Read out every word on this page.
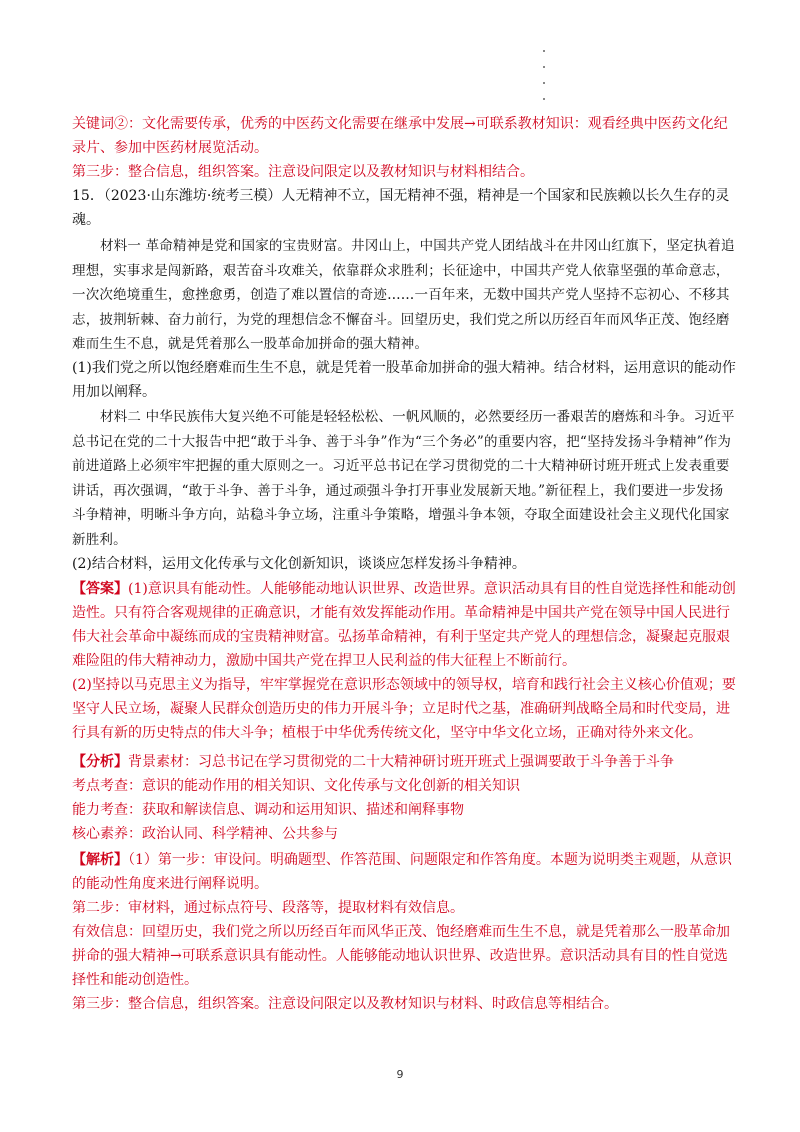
关键词②：文化需要传承，优秀的中医药文化需要在继承中发展→可联系教材知识：观看经典中医药文化纪录片、参加中医药材展览活动。

第三步：整合信息，组织答案。注意设问限定以及教材知识与材料相结合。

15．（2023·山东潍坊·统考三模）人无精神不立，国无精神不强，精神是一个国家和民族赖以长久生存的灵魂。

材料一 革命精神是党和国家的宝贵财富。井冈山上，中国共产党人团结战斗在井冈山红旗下，坚定执着追理想，实事求是闯新路，艰苦奋斗攻难关，依靠群众求胜利；长征途中，中国共产党人依靠坚强的革命意志，一次次绝境重生，愈挫愈勇，创造了难以置信的奇迹……一百年来，无数中国共产党人坚持不忘初心、不移其志，披荆斩棘、奋力前行，为党的理想信念不懈奋斗。回望历史，我们党之所以历经百年而风华正茂、饱经磨难而生生不息，就是凭着那么一股革命加拼命的强大精神。

(1)我们党之所以饱经磨难而生生不息，就是凭着一股革命加拼命的强大精神。结合材料，运用意识的能动作用加以阐释。

材料二 中华民族伟大复兴绝不可能是轻轻松松、一帆风顺的，必然要经历一番艰苦的磨炼和斗争。习近平总书记在党的二十大报告中把“敢于斗争、善于斗争”作为“三个务必”的重要内容，把“坚持发扬斗争精神”作为前进道路上必须牢牢把握的重大原则之一。习近平总书记在学习贯彻党的二十大精神研讨班开班式上发表重要讲话，再次强调，“敢于斗争、善于斗争，通过顽强斗争打开事业发展新天地。”新征程上，我们要进一步发扬斗争精神，明晰斗争方向，站稳斗争立场，注重斗争策略，增强斗争本领，夺取全面建设社会主义现代化国家新胜利。

(2)结合材料，运用文化传承与文化创新知识，谈谈应怎样发扬斗争精神。

【答案】(1)意识具有能动性。人能够能动地认识世界、改造世界。意识活动具有目的性自觉选择性和能动创造性。只有符合客观规律的正确意识，才能有效发挥能动作用。革命精神是中国共产党在领导中国人民进行伟大社会革命中凝练而成的宝贵精神财富。弘扬革命精神，有利于坚定共产党人的理想信念，凝聚起克服艰难险阻的伟大精神动力，激励中国共产党在捍卫人民利益的伟大征程上不断前行。

(2)坚持以马克思主义为指导，牢牢掌握党在意识形态领域中的领导权，培育和践行社会主义核心价值观；要坚守人民立场，凝聚人民群众创造历史的伟力开展斗争；立足时代之基，准确研判战略全局和时代变局，进行具有新的历史特点的伟大斗争；植根于中华优秀传统文化，坚守中华文化立场，正确对待外来文化。

【分析】背景素材：习总书记在学习贯彻党的二十大精神研讨班开班式上强调要敢于斗争善于斗争

考点考查：意识的能动作用的相关知识、文化传承与文化创新的相关知识

能力考查：获取和解读信息、调动和运用知识、描述和阐释事物

核心素养：政治认同、科学精神、公共参与

【解析】（1）第一步：审设问。明确题型、作答范围、问题限定和作答角度。本题为说明类主观题，从意识的能动性角度来进行阐释说明。

第二步：审材料，通过标点符号、段落等，提取材料有效信息。

有效信息：回望历史，我们党之所以历经百年而风华正茂、饱经磨难而生生不息，就是凭着那么一股革命加拼命的强大精神→可联系意识具有能动性。人能够能动地认识世界、改造世界。意识活动具有目的性自觉选择性和能动创造性。

第三步：整合信息，组织答案。注意设问限定以及教材知识与材料、时政信息等相结合。

9
